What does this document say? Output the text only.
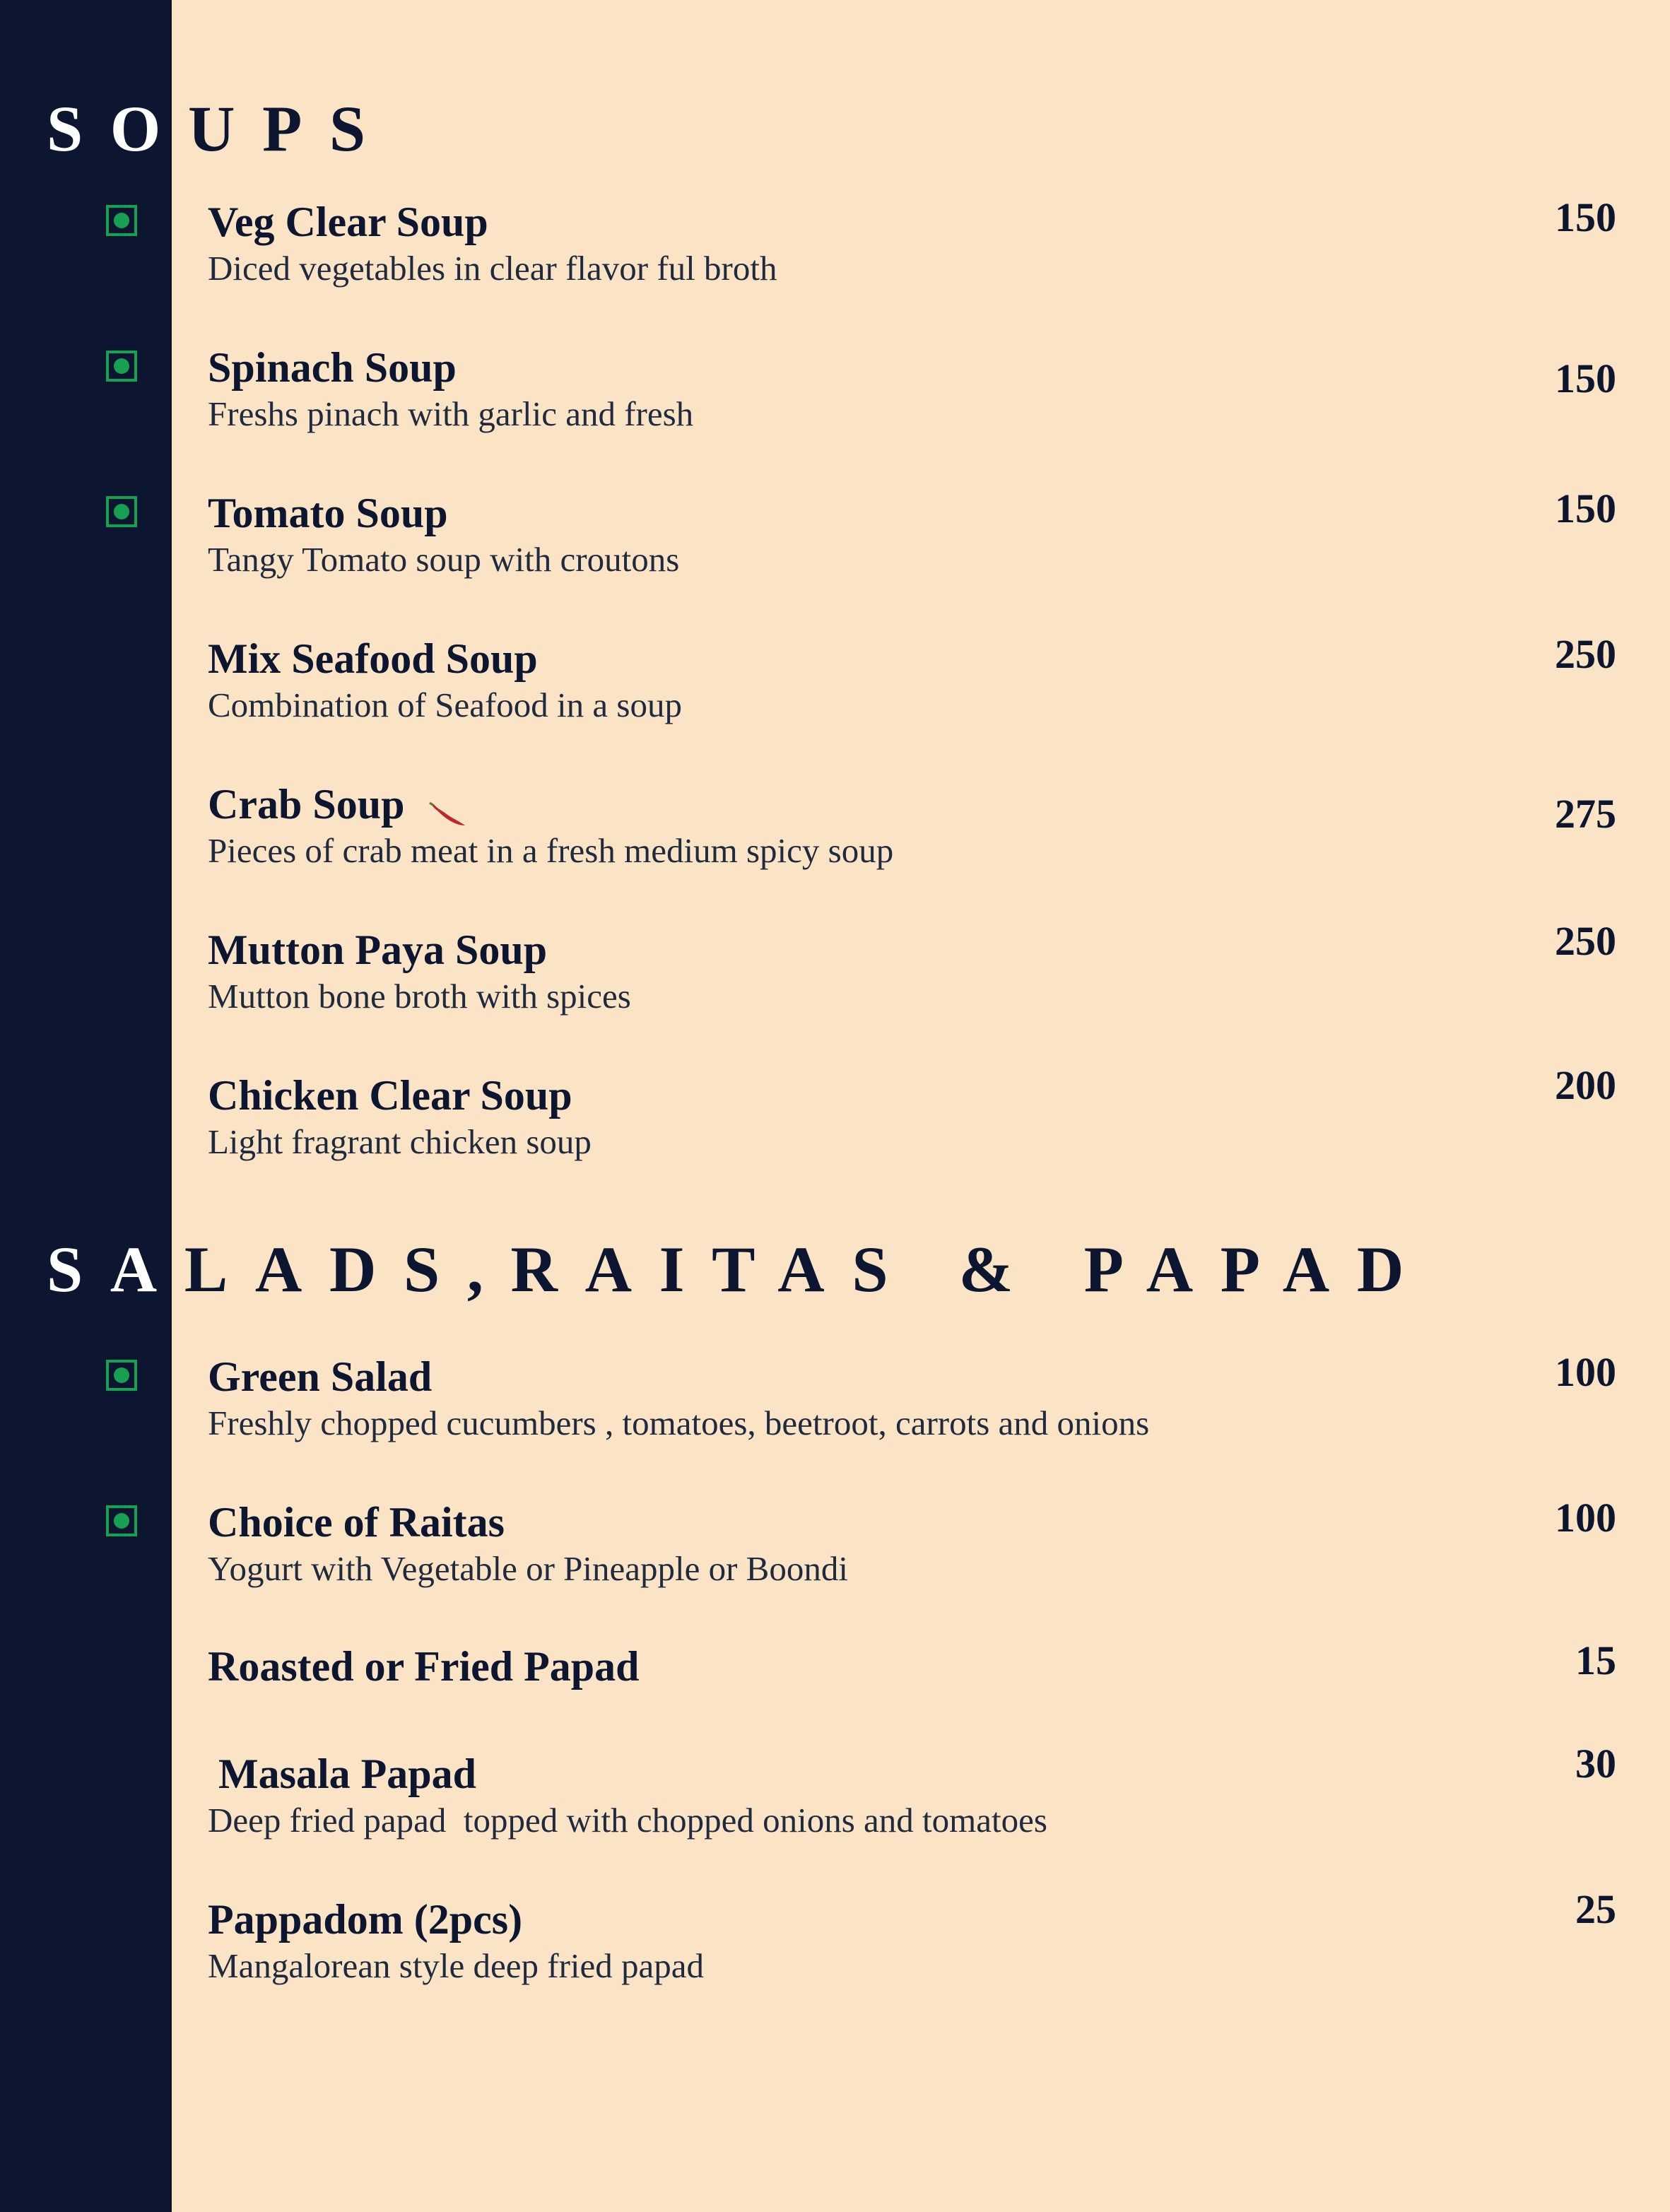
SOUPS

Veg Clear Soup

Diced vegetables in clear flavor ful broth

150

Spinach Soup

Freshs pinach with garlic and fresh

150

Tomato Soup

Tangy Tomato soup with croutons

150

Mix Seafood Soup

Combination of Seafood in a soup

250

Crab Soup

Pieces of crab meat in a fresh medium spicy soup

275

Mutton Paya Soup

Mutton bone broth with spices

250

Chicken Clear Soup

Light fragrant chicken soup

200

SALADS,RAITAS & PAPAD

Green Salad

Freshly chopped cucumbers , tomatoes, beetroot, carrots and onions

100

Choice of Raitas

Yogurt with Vegetable or Pineapple or Boondi

100

Roasted or Fried Papad	15

Masala Papad

Deep fried papad  topped with chopped onions and tomatoes

30

Pappadom (2pcs)

Mangalorean style deep fried papad

25
